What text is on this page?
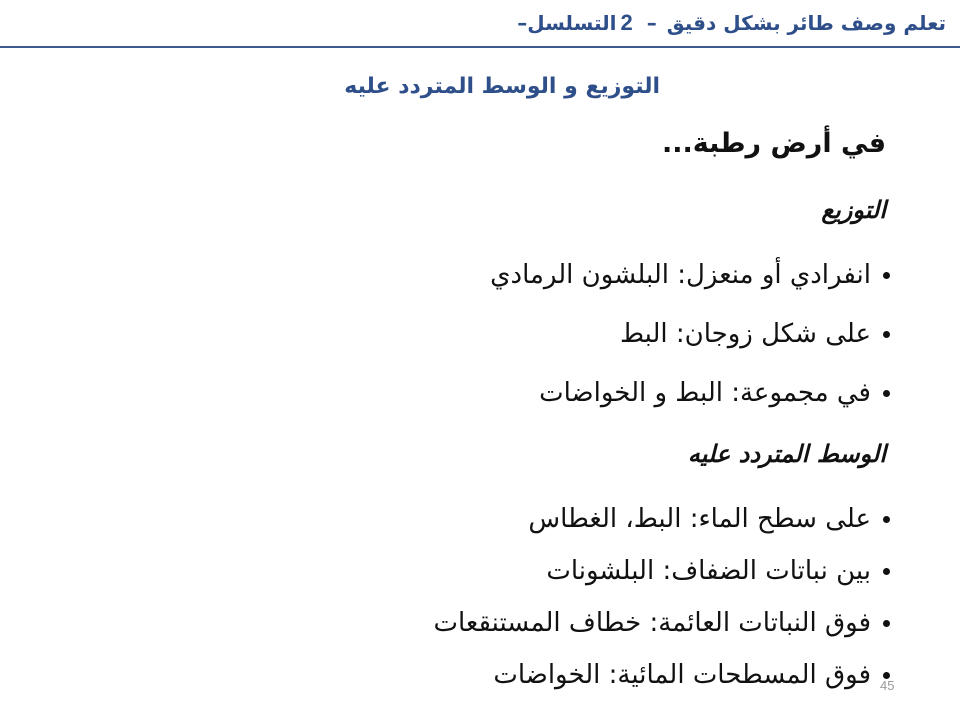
– التسلسل 2 – تعلم وصف طائر بشكل دقيق
التوزيع و الوسط المتردد عليه
في أرض رطبة...
التوزيع
انفرادي أو منعزل: البلشون الرمادي
على شكل زوجان: البط
في مجموعة: البط و الخواضات
الوسط المتردد عليه
على سطح الماء: البط، الغطاس
بين نباتات الضفاف: البلشونات
فوق النباتات العائمة: خطاف المستنقعات
فوق المسطحات المائية: الخواضات 45
